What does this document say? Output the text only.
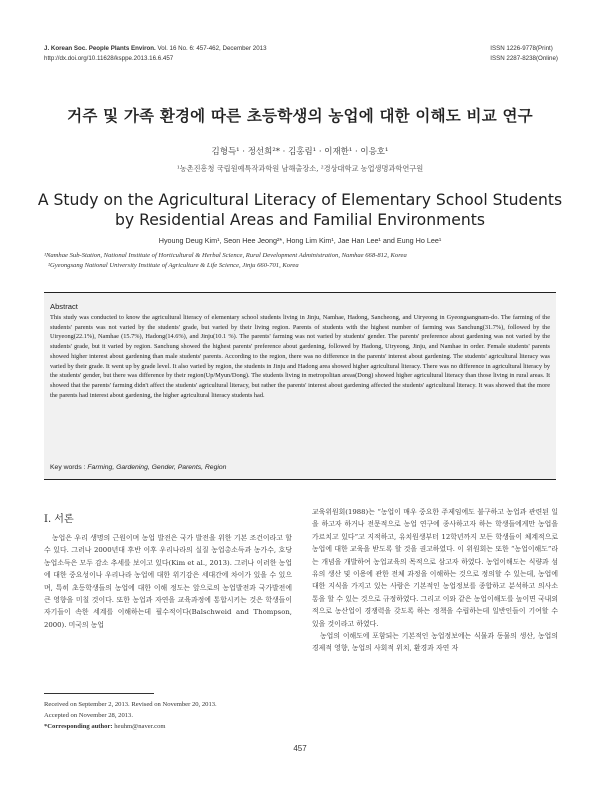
J. Korean Soc. People Plants Environ. Vol. 16 No. 6: 457-462, December 2013
http://dx.doi.org/10.11628/ksppe.2013.16.6.457
ISSN 1226-9778(Print)
ISSN 2287-8238(Online)
거주 및 가족 환경에 따른 초등학생의 농업에 대한 이해도 비교 연구
김형득¹ · 정선희²* · 김홍림¹ · 이재한¹ · 이응호¹
¹농촌진흥청 국립원예특작과학원 남해출장소, ²경상대학교 농업생명과학연구원
A Study on the Agricultural Literacy of Elementary School Students by Residential Areas and Familial Environments
Hyoung Deug Kim¹, Seon Hee Jeong²*, Hong Lim Kim¹, Jae Han Lee¹ and Eung Ho Lee¹
¹Namhae Sub-Station, National Institute of Horticultural & Herbal Science, Rural Development Administration, Namhae 668-812, Korea
²Gyeongsang National University Institute of Agriculture & Life Science, Jinju 660-701, Korea
Abstract
This study was conducted to know the agricultural literacy of elementary school students living in Jinju, Namhae, Hadong, Sancheong, and Uiryeong in Gyeongsangnam-do. The farming of the students' parents was not varied by the students' grade, but varied by their living region. Parents of students with the highest number of farming was Sanchung(31.7%), followed by the Uiryeong(22.1%), Namhae (15.7%), Hadong(14.6%), and Jinju(10.1 %). The parents' farming was not varied by students' gender. The parents' preference about gardening was not varied by the students' grade, but it varied by region. Sanchung showed the highest parents' preference about gardening, followed by Hadong, Uiryeong, Jinju, and Namhae in order. Female students' parents showed higher interest about gardening than male students' parents. According to the region, there was no difference in the parents' interest about gardening. The students' agricultural literacy was varied by their grade. It went up by grade level. It also varied by region, the students in Jinju and Hadong area showed higher agricultural literacy. There was no difference in agricultural literacy by the students' gender, but there was difference by their region(Up/Myun/Dong). The students living in metropolitan areas(Dong) showed higher agricultural literacy than those living in rural areas. It showed that the parents' farming didn't affect the students' agricultural literacy, but rather the parents' interest about gardening affected the students' agricultural literacy. It was showed that the more the parents had interest about gardening, the higher agricultural literacy students had.
Key words : Farming, Gardening, Gender, Parents, Region
Ⅰ. 서론

농업은 우리 생명의 근원이며 농업 발전은 국가 발전을 위한 기본 조건이라고 할 수 있다. 그러나 2000년대 후반 이후 우리나라의 실질 농업총소득과 농가수, 호당 농업소득은 모두 감소 추세를 보이고 있다(Kim et al., 2013). 그러나 이러한 농업에 대한 중요성이나 우리나라 농업에 대한 위기감은 세대간에 차이가 있을 수 있으며, 특히 초등학생들의 농업에 대한 이해 정도는 앞으로의 농업발전과 국가발전에 큰 영향을 미칠 것이다. 또한 농업과 자연을 교육과정에 통합시키는 것은 학생들이 자기들이 속한 세계를 이해하는데 필수적이다(Balschweid and Thompson, 2000). 미국의 농업

교육위원회(1988)는 “농업이 매우 중요한 주제임에도 불구하고 농업과 관련된 일을 하고자 하거나 전문적으로 농업 연구에 종사하고자 하는 학생들에게만 농업을 가르치고 있다”고 지적하고, 유치원생부터 12학년까지 모든 학생들이 체계적으로 농업에 대한 교육을 받도록 할 것을 권고하였다. 이 위원회는 또한 “농업이해도”라는 개념을 개발하여 농업교육의 목적으로 삼고자 하였다. 농업이해도는 식량과 섬유의 생산 및 이용에 관한 전체 과정을 이해하는 것으로 정의할 수 있는데, 농업에 대한 지식을 가지고 있는 사람은 기본적인 농업정보를 종합하고 분석하고 의사소통을 할 수 있는 것으로 규정하였다. 그리고 이와 같은 농업이해도를 높이면 국내외적으로 농산업이 경쟁력을 갖도록 하는 정책을 수립하는데 일반인들이 기여할 수 있을 것이라고 하였다.

농업의 이해도에 포함되는 기본적인 농업정보에는 식물과 동물의 생산, 농업의 경제적 영향, 농업의 사회적 위치, 환경과 자연 자

Received on September 2, 2013. Revised on November 20, 2013.
Accepted on November 28, 2013.
*Corresponding author: heuhm@naver.com
457
